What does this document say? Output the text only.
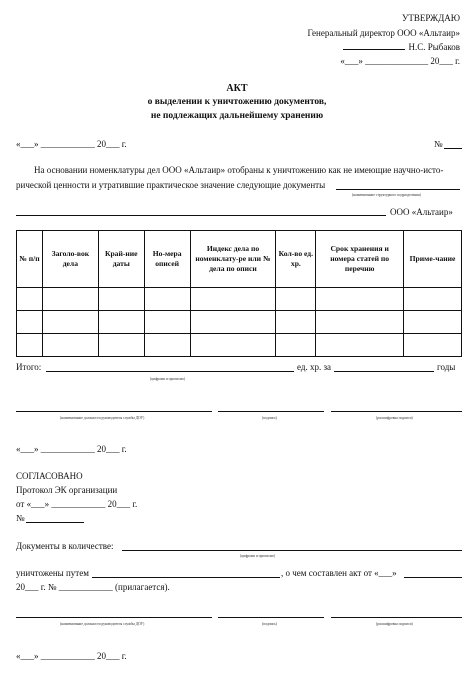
УТВЕРЖДАЮ
Генеральный директор ООО «Альтаир»
Н.С. Рыбаков
«___» ______________ 20___ г.
АКТ
о выделении к уничтожению документов,
не подлежащих дальнейшему хранению
«___» ____________ 20___ г.	№
На основании номенклатуры дел ООО «Альтаир» отобраны к уничтожению как не имеющие научно-исто-
рической ценности и утратившие практическое значение следующие документы
(наименование структурного подразделения)
ООО «Альтаир»
№ п/п	Заголо-вок дела	Край-ние даты	Но-мера описей	Индекс дела по номенклату-ре или № дела по описи	Кол-во ед. хр.	Срок хранения и номера статей по перечню	Приме-чание

Итого:	ед. хр. за	годы
(цифрами и прописью)
(наименование должности руководителя службы ДОУ)	(подпись)	(расшифровка подписи)
«___» ____________ 20___ г.
СОГЛАСОВАНО
Протокол ЭК организации
от «___» ____________ 20___ г.
№
Документы в количестве:
(цифрами и прописью)
уничтожены путем	, о чем составлен акт от «___»
20___ г. № ____________ (прилагается).
(наименование должности руководителя службы ДОУ)	(подпись)	(расшифровка подписи)
«___» ____________ 20___ г.
